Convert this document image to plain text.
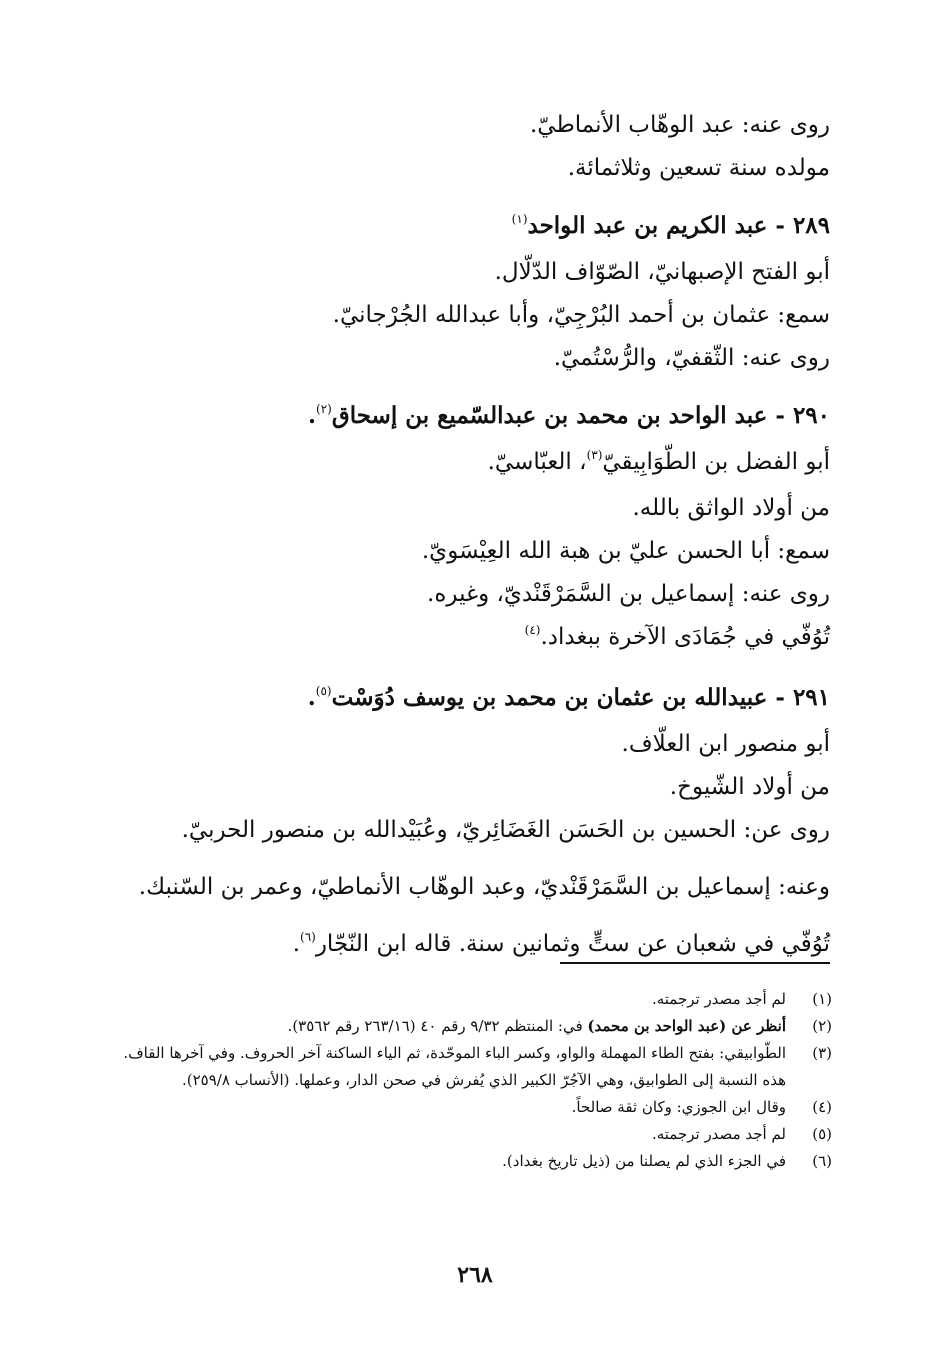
روى عنه: عبد الوهّاب الأنماطيّ.
مولده سنة تسعين وثلاثمائة.
٢٨٩ - عبد الكريم بن عبد الواحد$^{(١)}$
أبو الفتح الإصبهانيّ، الصّوّاف الدّلّال.
سمع: عثمان بن أحمد البُرْجِيّ، وأبا عبدالله الجُرْجانيّ.
روى عنه: الثّقفيّ، والرُّسْتُميّ.
٢٩٠ - عبد الواحد بن محمد بن عبدالسّميع بن إسحاق$^{(٢)}$.
أبو الفضل بن الطّوَابِيقيّ$^{(٣)}$، العبّاسيّ.
من أولاد الواثق بالله.
سمع: أبا الحسن عليّ بن هبة الله العِيْسَويّ.
روى عنه: إسماعيل بن السَّمَرْقَنْديّ، وغيره.
تُوُفّي في جُمَادَى الآخرة ببغداد.$^{(٤)}$
٢٩١ - عبيدالله بن عثمان بن محمد بن يوسف دُوَسْت$^{(٥)}$.
أبو منصور ابن العلّاف.
من أولاد الشّيوخ.
روى عن: الحسين بن الحَسَن الغَضَائِريّ، وعُبَيْدالله بن منصور الحربيّ.
وعنه: إسماعيل بن السَّمَرْقَنْديّ، وعبد الوهّاب الأنماطيّ، وعمر بن السّنبك.
تُوُفّي في شعبان عن ستٍّ وثمانين سنة. قاله ابن النّجّار$^{(٦)}$.
(١)
لم أجد مصدر ترجمته.
(٢)
أنظر عن (عبد الواحد بن محمد) في: المنتظم ٩/٣٢ رقم ٤٠ (٢٦٣/١٦ رقم ٣٥٦٢).
(٣)
الطّوابيقي: بفتح الطاء المهملة والواو، وكسر الباء الموحّدة، ثم الياء الساكنة آخر الحروف. وفي آخرها القاف. هذه النسبة إلى الطوابيق، وهي الآجُرّ الكبير الذي يُفرش في صحن الدار، وعملها. (الأنساب ٢٥٩/٨).
(٤)
وقال ابن الجوزي: وكان ثقة صالحاً.
(٥)
لم أجد مصدر ترجمته.
(٦)
في الجزء الذي لم يصلنا من (ذيل تاريخ بغداد).
٢٦٨
